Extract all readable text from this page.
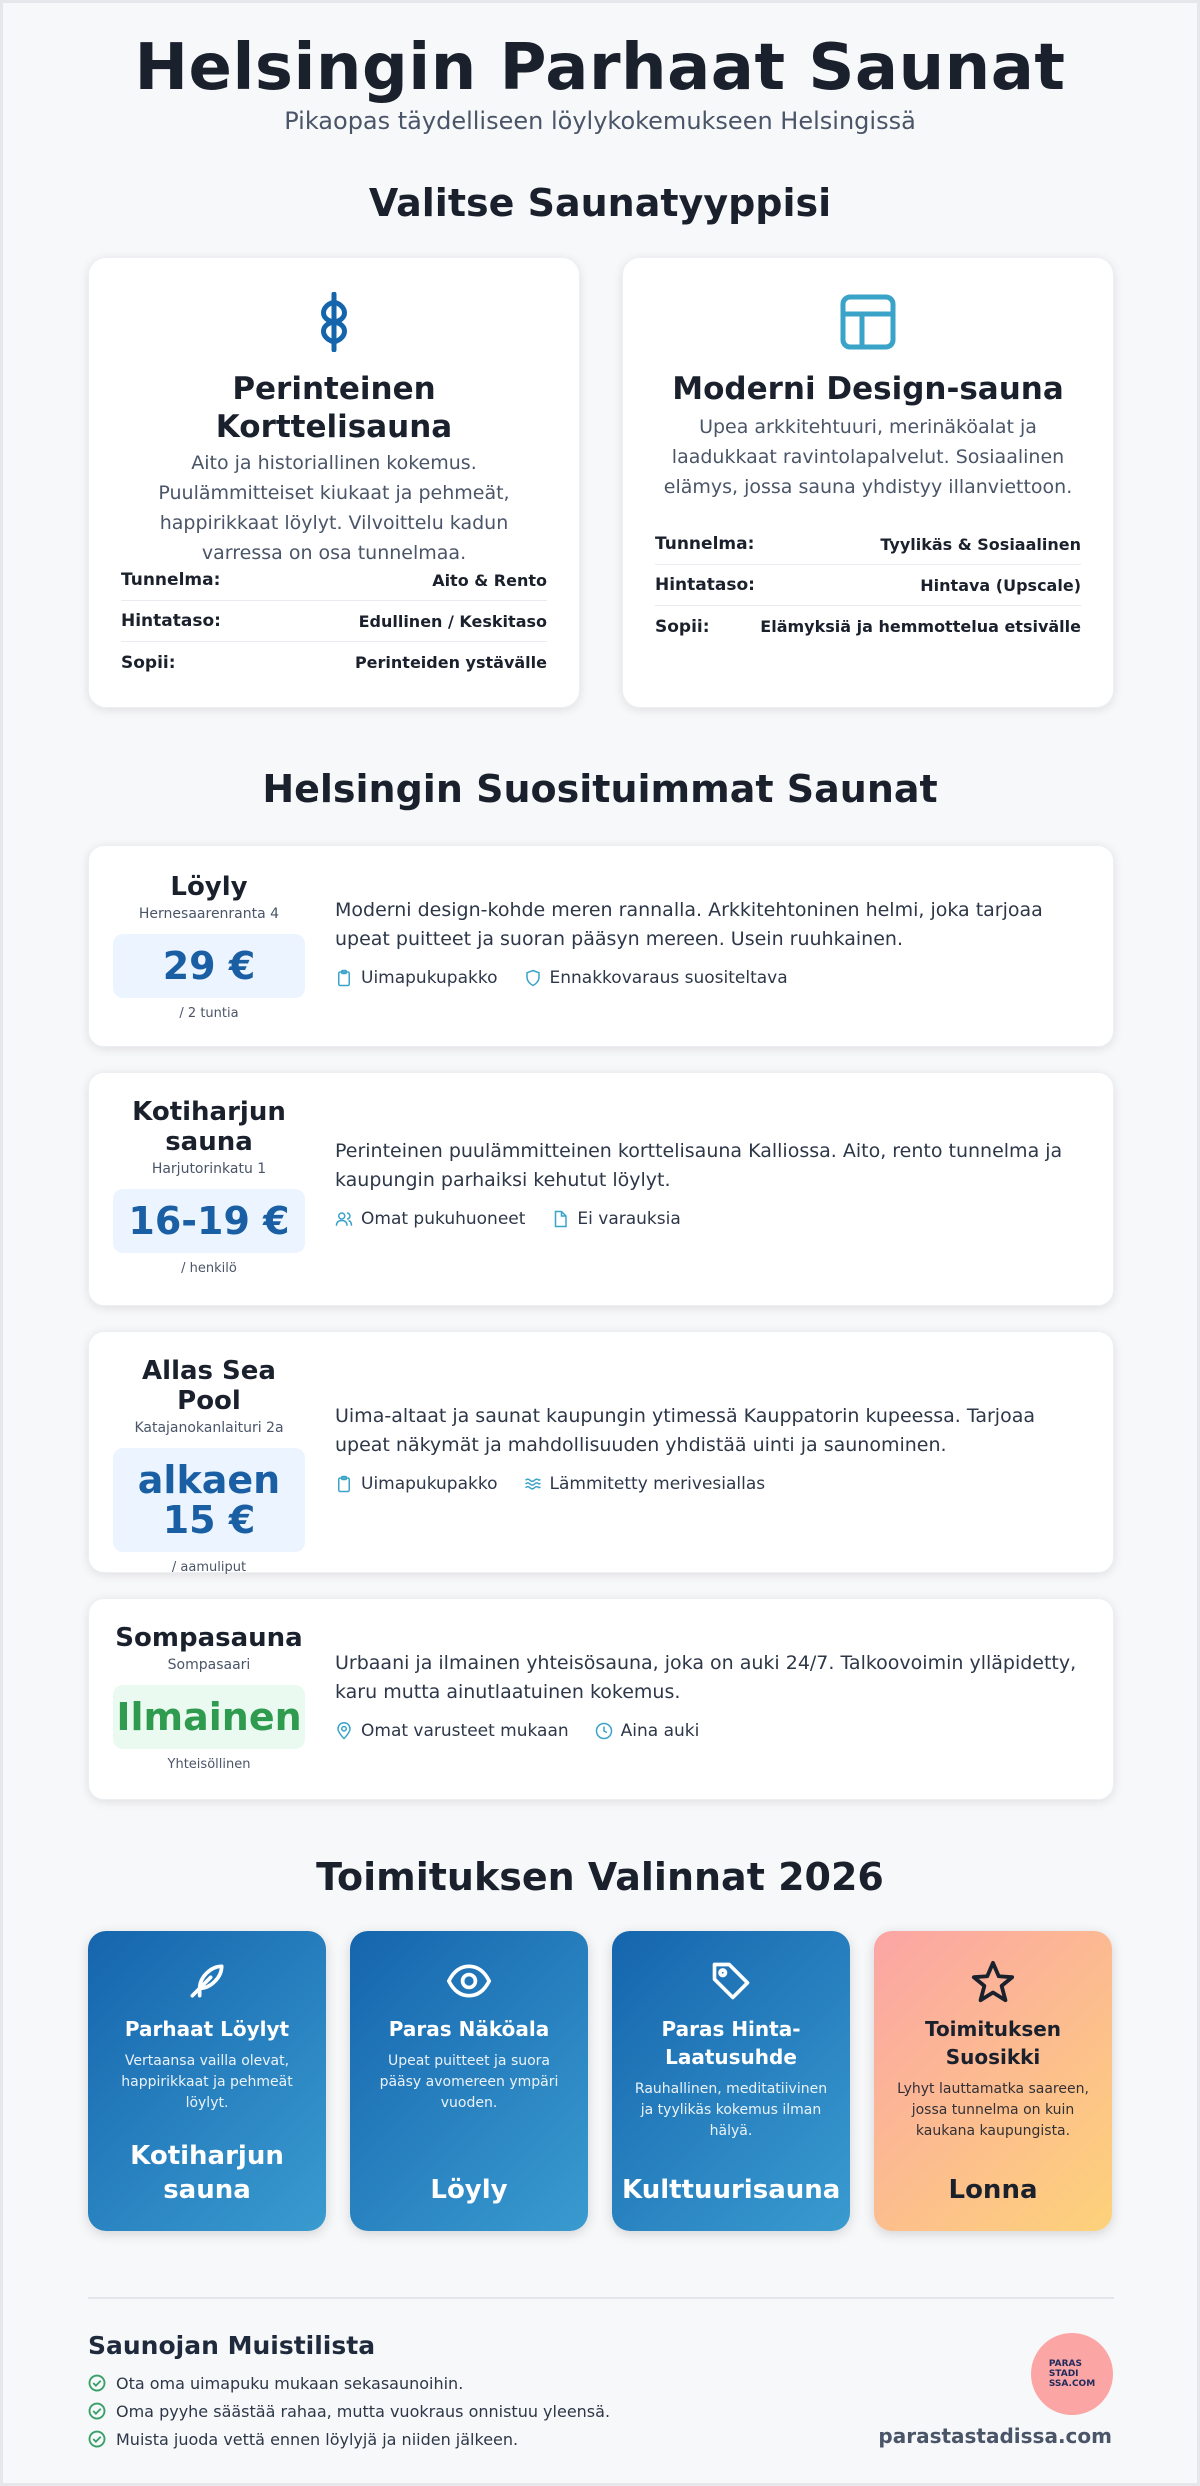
Helsingin Parhaat Saunat
Pikaopas täydelliseen löylykokemukseen Helsingissä
Valitse Saunatyyppisi
Perinteinen Korttelisauna
Aito ja historiallinen kokemus. Puulämmitteiset kiukaat ja pehmeät, happirikkaat löylyt. Vilvoittelu kadun varressa on osa tunnelmaa.
Tunnelma:	Aito & Rento
Hintataso:	Edullinen / Keskitaso
Sopii:	Perinteiden ystävälle
Moderni Design-sauna
Upea arkkitehtuuri, merinäköalat ja laadukkaat ravintolapalvelut. Sosiaalinen elämys, jossa sauna yhdistyy illanviettoon.
Tunnelma:	Tyylikäs & Sosiaalinen
Hintataso:	Hintava (Upscale)
Sopii:	Elämyksiä ja hemmottelua etsivälle
Helsingin Suosituimmat Saunat
Löyly
Hernesaarenranta 4
29 €
/ 2 tuntia
Moderni design-kohde meren rannalla. Arkkitehtoninen helmi, joka tarjoaa upeat puitteet ja suoran pääsyn mereen. Usein ruuhkainen.
Uimapukupakko	Ennakkovaraus suositeltava
Kotiharjun sauna
Harjutorinkatu 1
16-19 €
/ henkilö
Perinteinen puulämmitteinen korttelisauna Kalliossa. Aito, rento tunnelma ja kaupungin parhaiksi kehutut löylyt.
Omat pukuhuoneet	Ei varauksia
Allas Sea Pool
Katajanokanlaituri 2a
alkaen 15 €
/ aamuliput
Uima-altaat ja saunat kaupungin ytimessä Kauppatorin kupeessa. Tarjoaa upeat näkymät ja mahdollisuuden yhdistää uinti ja saunominen.
Uimapukupakko	Lämmitetty merivesiallas
Sompasauna
Sompasaari
Ilmainen
Yhteisöllinen
Urbaani ja ilmainen yhteisösauna, joka on auki 24/7. Talkoovoimin ylläpidetty, karu mutta ainutlaatuinen kokemus.
Omat varusteet mukaan	Aina auki
Toimituksen Valinnat 2026
Parhaat Löylyt
Vertaansa vailla olevat, happirikkaat ja pehmeät löylyt.
Kotiharjun sauna
Paras Näköala
Upeat puitteet ja suora pääsy avomereen ympäri vuoden.
Löyly
Paras Hinta-Laatusuhde
Rauhallinen, meditatiivinen ja tyylikäs kokemus ilman hälyä.
Kulttuurisauna
Toimituksen Suosikki
Lyhyt lauttamatka saareen, jossa tunnelma on kuin kaukana kaupungista.
Lonna
Saunojan Muistilista
Ota oma uimapuku mukaan sekasaunoihin.
Oma pyyhe säästää rahaa, mutta vuokraus onnistuu yleensä.
Muista juoda vettä ennen löylyjä ja niiden jälkeen.
PARAS
STADI
SSA.COM
parastastadissa.com
